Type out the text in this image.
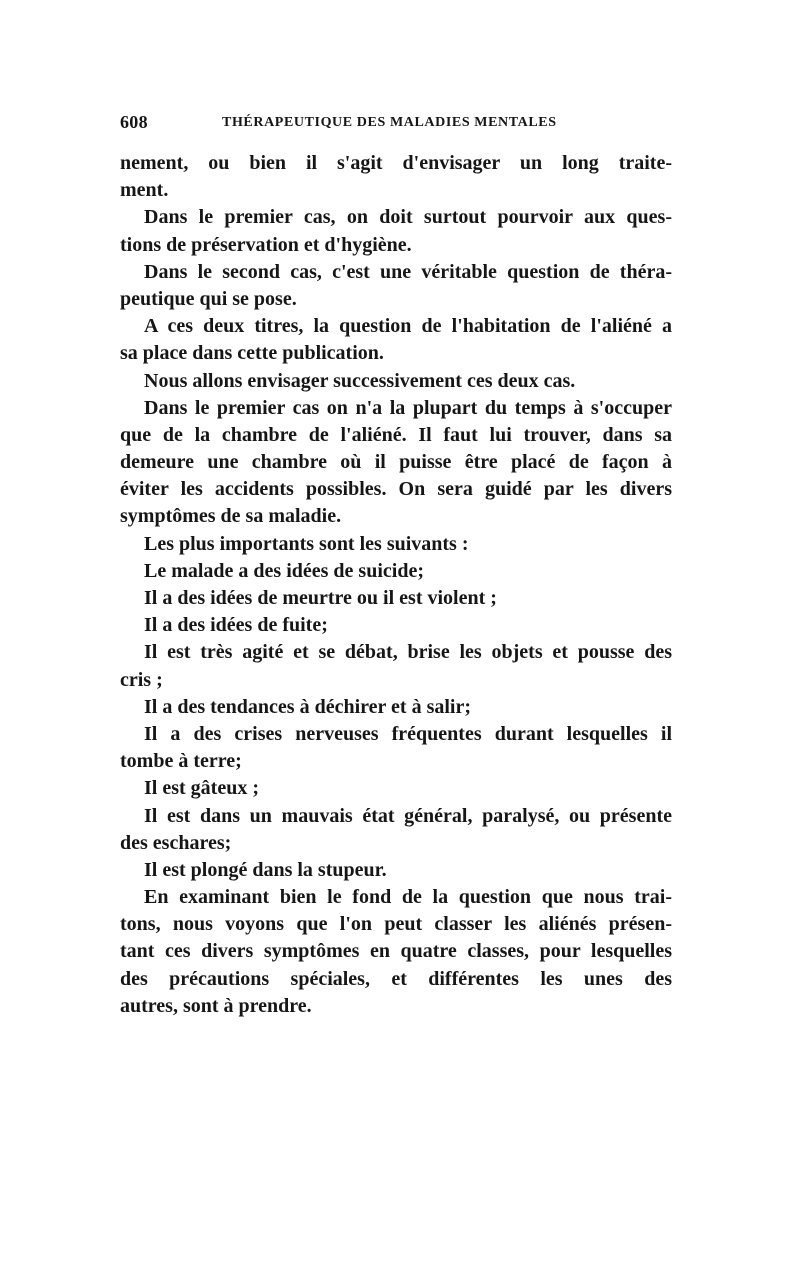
608	THÉRAPEUTIQUE DES MALADIES MENTALES
nement, ou bien il s'agit d'envisager un long traite-
ment.
Dans le premier cas, on doit surtout pourvoir aux ques-
tions de préservation et d'hygiène.
Dans le second cas, c'est une véritable question de théra-
peutique qui se pose.
A ces deux titres, la question de l'habitation de l'aliéné a
sa place dans cette publication.
Nous allons envisager successivement ces deux cas.
Dans le premier cas on n'a la plupart du temps à s'occuper
que de la chambre de l'aliéné. Il faut lui trouver, dans sa
demeure une chambre où il puisse être placé de façon à
éviter les accidents possibles. On sera guidé par les divers
symptômes de sa maladie.
Les plus importants sont les suivants :
Le malade a des idées de suicide;
Il a des idées de meurtre ou il est violent ;
Il a des idées de fuite;
Il est très agité et se débat, brise les objets et pousse des
cris ;
Il a des tendances à déchirer et à salir;
Il a des crises nerveuses fréquentes durant lesquelles il
tombe à terre;
Il est gâteux ;
Il est dans un mauvais état général, paralysé, ou présente
des eschares;
Il est plongé dans la stupeur.
En examinant bien le fond de la question que nous trai-
tons, nous voyons que l'on peut classer les aliénés présen-
tant ces divers symptômes en quatre classes, pour lesquelles
des précautions spéciales, et différentes les unes des
autres, sont à prendre.
